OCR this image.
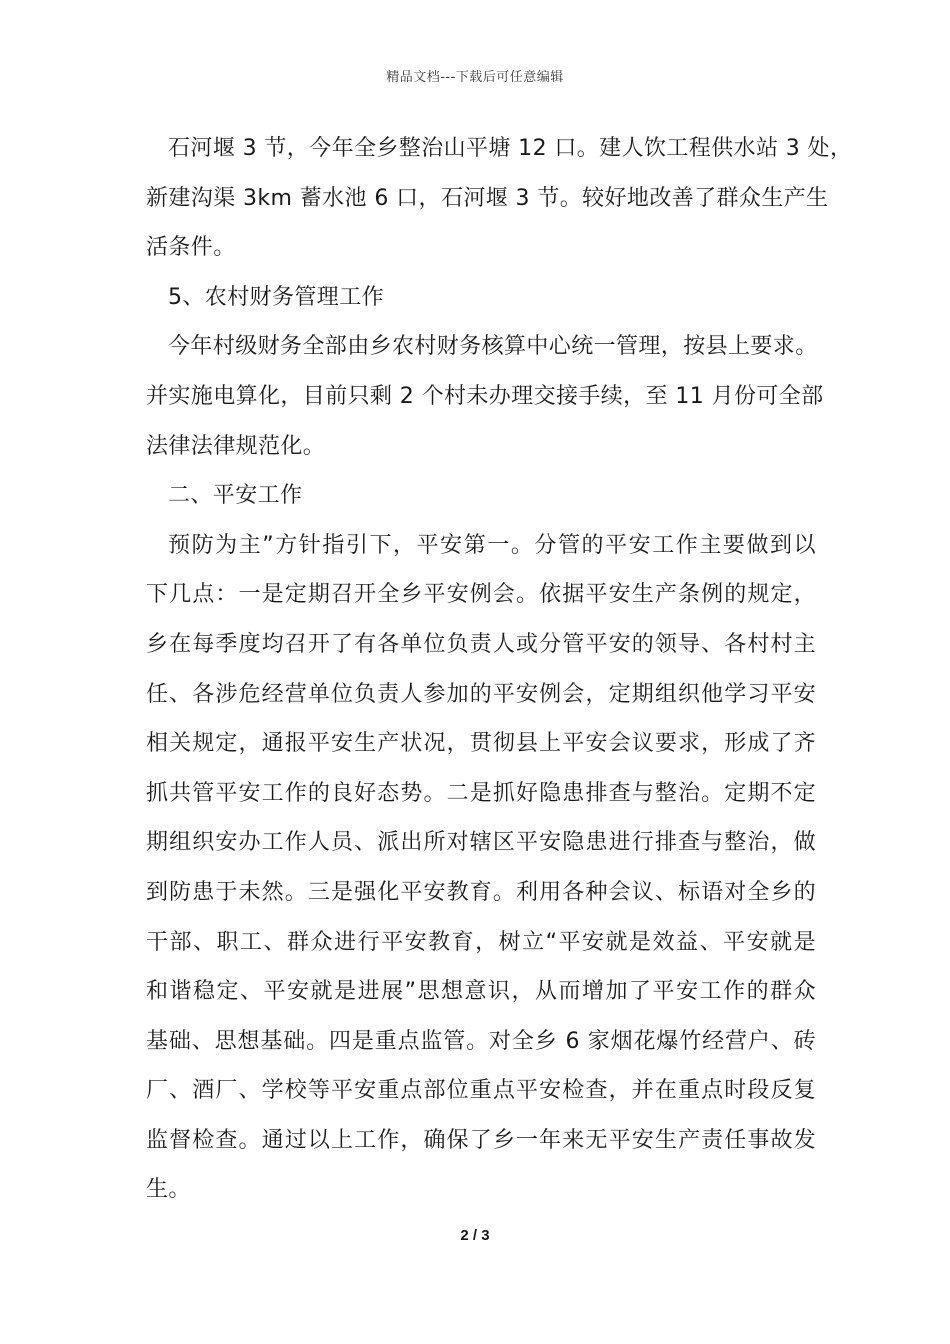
精品文档---下载后可任意编辑
石河堰 3 节，今年全乡整治山平塘 12 口。建人饮工程供水站 3 处，
新建沟渠 3km 蓄水池 6 口，石河堰 3 节。较好地改善了群众生产生
活条件。
5、农村财务管理工作
今年村级财务全部由乡农村财务核算中心统一管理，按县上要求。
并实施电算化，目前只剩 2 个村未办理交接手续，至 11 月份可全部
法律法律规范化。
二、平安工作
预防为主”方针指引下，平安第一。分管的平安工作主要做到以
下几点：一是定期召开全乡平安例会。依据平安生产条例的规定，
乡在每季度均召开了有各单位负责人或分管平安的领导、各村村主
任、各涉危经营单位负责人参加的平安例会，定期组织他学习平安
相关规定，通报平安生产状况，贯彻县上平安会议要求，形成了齐
抓共管平安工作的良好态势。二是抓好隐患排查与整治。定期不定
期组织安办工作人员、派出所对辖区平安隐患进行排查与整治，做
到防患于未然。三是强化平安教育。利用各种会议、标语对全乡的
干部、职工、群众进行平安教育，树立“平安就是效益、平安就是
和谐稳定、平安就是进展”思想意识，从而增加了平安工作的群众
基础、思想基础。四是重点监管。对全乡 6 家烟花爆竹经营户、砖
厂、酒厂、学校等平安重点部位重点平安检查，并在重点时段反复
监督检查。通过以上工作，确保了乡一年来无平安生产责任事故发
生。
2 / 3
